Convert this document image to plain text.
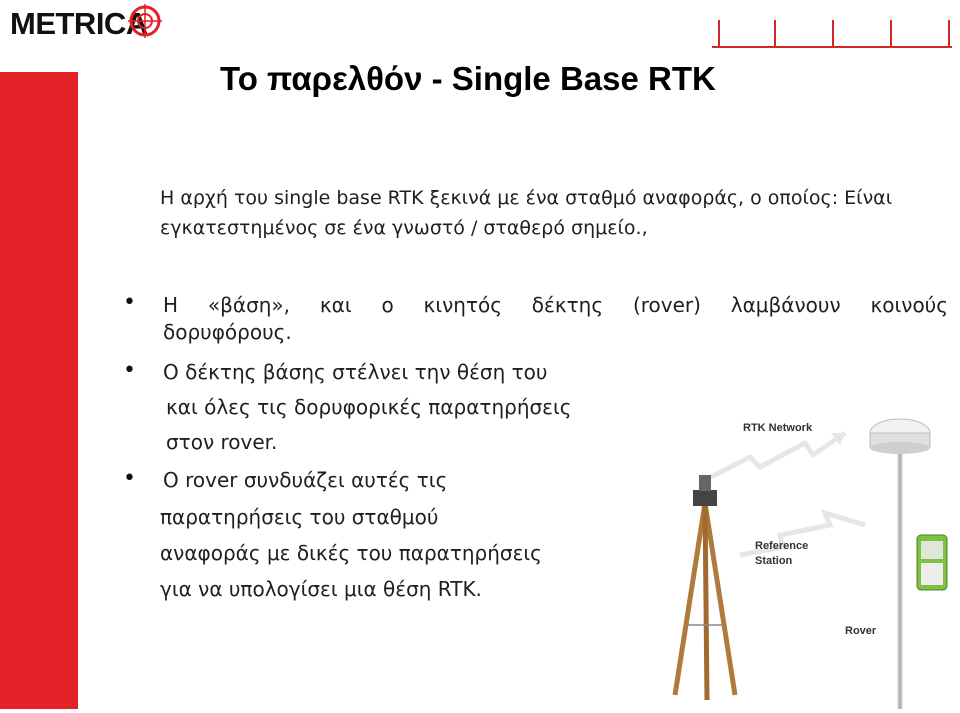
METRICA
Το παρελθόν - Single Base RTK
Η αρχή του single base RTK ξεκινά με ένα σταθμό αναφοράς, ο οποίος: Είναι εγκατεστημένος σε ένα γνωστό / σταθερό σημείο.,
• Η «βάση», και ο κινητός δέκτης (rover) λαμβάνουν κοινούς
δορυφόρους.
• Ο δέκτης βάσης στέλνει την θέση του
και όλες τις δορυφορικές παρατηρήσεις
στον rover.
• Ο rover συνδυάζει αυτές τις
παρατηρήσεις του σταθμού
αναφοράς με δικές του παρατηρήσεις
για να υπολογίσει μια θέση RTK.
RTK Network
Reference
Station
Rover
